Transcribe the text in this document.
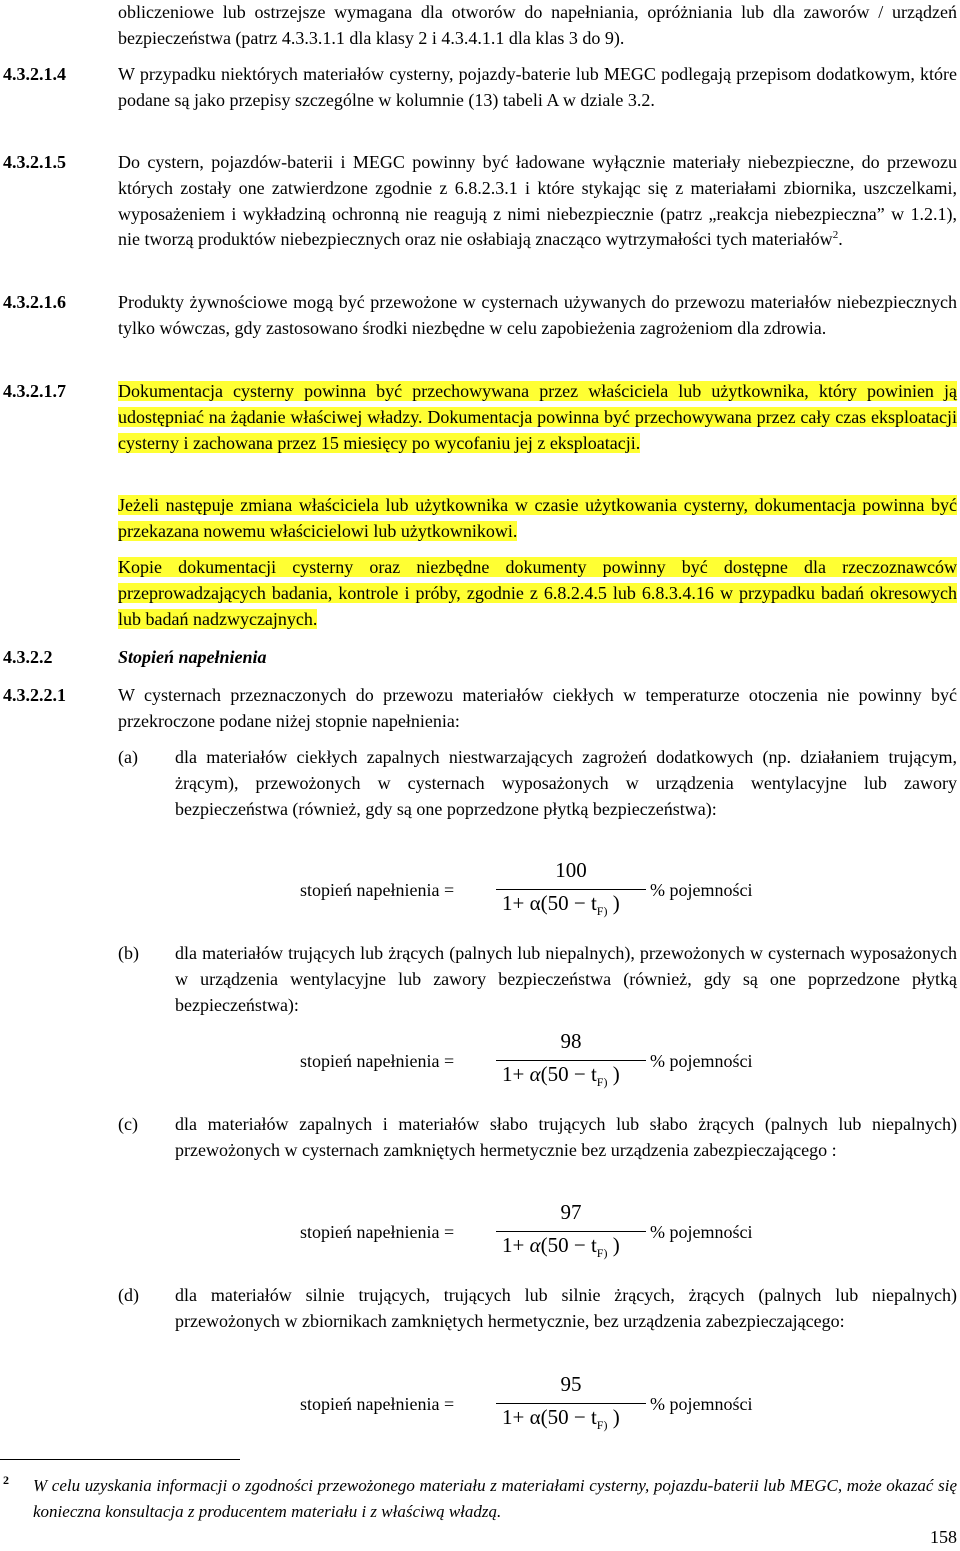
obliczeniowe lub ostrzejsze wymagana dla otworów do napełniania, opróżniania lub dla zaworów / urządzeń bezpieczeństwa (patrz 4.3.3.1.1 dla klasy 2 i 4.3.4.1.1 dla klas 3 do 9).
4.3.2.1.4	W przypadku niektórych materiałów cysterny, pojazdy-baterie lub MEGC podlegają przepisom dodatkowym, które podane są jako przepisy szczególne w kolumnie (13) tabeli A w dziale 3.2.
4.3.2.1.5	Do cystern, pojazdów-baterii i MEGC powinny być ładowane wyłącznie materiały niebezpieczne, do przewozu których zostały one zatwierdzone zgodnie z 6.8.2.3.1 i które stykając się z materiałami zbiornika, uszczelkami, wyposażeniem i wykładziną ochronną nie reagują z nimi niebezpiecznie (patrz „reakcja niebezpieczna” w 1.2.1), nie tworzą produktów niebezpiecznych oraz nie osłabiają znacząco wytrzymałości tych materiałów$^2$.
4.3.2.1.6	Produkty żywnościowe mogą być przewożone w cysternach używanych do przewozu materiałów niebezpiecznych tylko wówczas, gdy zastosowano środki niezbędne w celu zapobieżenia zagrożeniom dla zdrowia.
4.3.2.1.7	Dokumentacja cysterny powinna być przechowywana przez właściciela lub użytkownika, który powinien ją udostępniać na żądanie właściwej władzy. Dokumentacja powinna być przechowywana przez cały czas eksploatacji cysterny i zachowana przez 15 miesięcy po wycofaniu jej z eksploatacji.
Jeżeli następuje zmiana właściciela lub użytkownika w czasie użytkowania cysterny, dokumentacja powinna być przekazana nowemu właścicielowi lub użytkownikowi.
Kopie dokumentacji cysterny oraz niezbędne dokumenty powinny być dostępne dla rzeczoznawców przeprowadzających badania, kontrole i próby, zgodnie z 6.8.2.4.5 lub 6.8.3.4.16 w przypadku badań okresowych lub badań nadzwyczajnych.
4.3.2.2	Stopień napełnienia
4.3.2.2.1	W cysternach przeznaczonych do przewozu materiałów ciekłych w temperaturze otoczenia nie powinny być przekroczone podane niżej stopnie napełnienia:
(a) dla materiałów ciekłych zapalnych niestwarzających zagrożeń dodatkowych (np. działaniem trującym, żrącym), przewożonych w cysternach wyposażonych w urządzenia wentylacyjne lub zawory bezpieczeństwa (również, gdy są one poprzedzone płytką bezpieczeństwa):
stopień napełnienia =
100
$1+ \alpha(50 - t_{F)}$ )
% pojemności
(b) dla materiałów trujących lub żrących (palnych lub niepalnych), przewożonych w cysternach wyposażonych w urządzenia wentylacyjne lub zawory bezpieczeństwa (również, gdy są one poprzedzone płytką bezpieczeństwa):
stopień napełnienia =
98
$1+ \alpha(50 - t_{F)}$ )
% pojemności
(c) dla materiałów zapalnych i materiałów słabo trujących lub słabo żrących (palnych lub niepalnych) przewożonych w cysternach zamkniętych hermetycznie bez urządzenia zabezpieczającego :
stopień napełnienia =
97
$1+ \alpha(50 - t_{F)}$ )
% pojemności
(d) dla materiałów silnie trujących, trujących lub silnie żrących, żrących (palnych lub niepalnych) przewożonych w zbiornikach zamkniętych hermetycznie, bez urządzenia zabezpieczającego:
stopień napełnienia =
95
$1+ \alpha(50 - t_{F)}$ )
% pojemności
2 W celu uzyskania informacji o zgodności przewożonego materiału z materiałami cysterny, pojazdu-baterii lub MEGC, może okazać się konieczna konsultacja z producentem materiału i z właściwą władzą.
158
